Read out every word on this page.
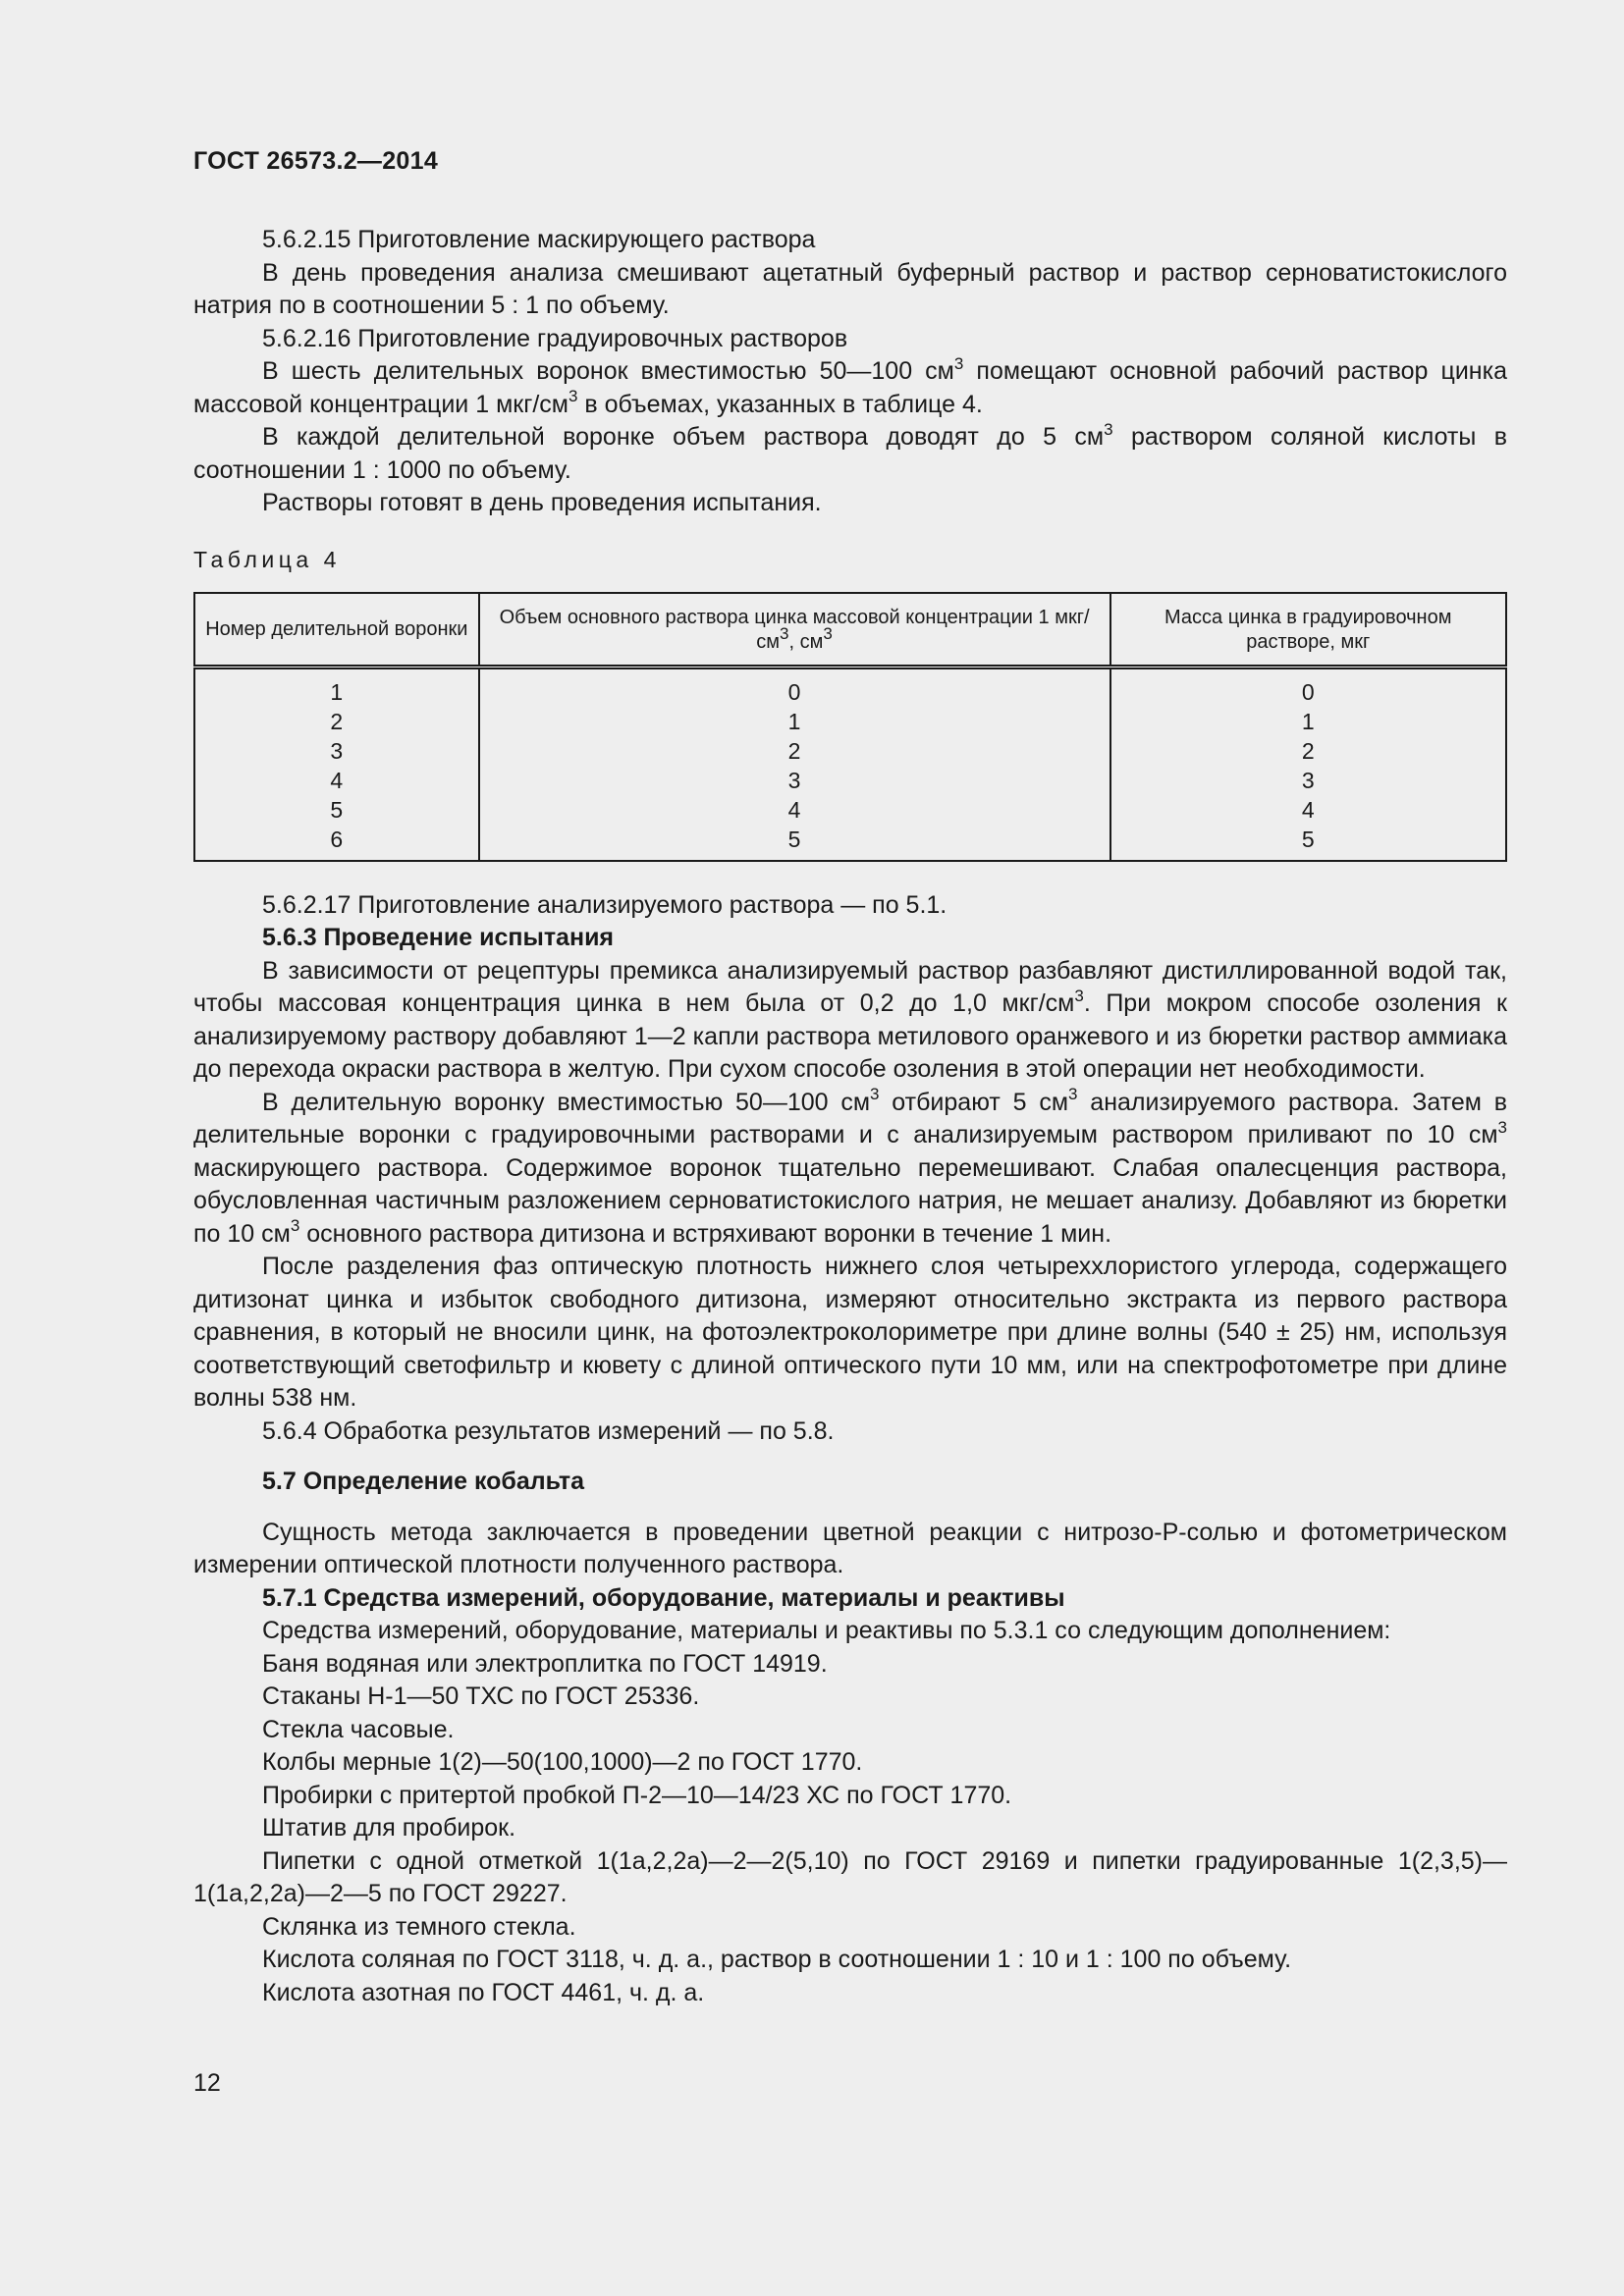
ГОСТ 26573.2—2014

5.6.2.15 Приготовление маскирующего раствора

В день проведения анализа смешивают ацетатный буферный раствор и раствор серноватистокислого натрия по в соотношении 5 : 1 по объему.

5.6.2.16 Приготовление градуировочных растворов

В шесть делительных воронок вместимостью 50—100 $см^3$ помещают основной рабочий раствор цинка массовой концентрации 1 мкг/$см^3$ в объемах, указанных в таблице 4.

В каждой делительной воронке объем раствора доводят до 5 $см^3$ раствором соляной кислоты в соотношении 1 : 1000 по объему.

Растворы готовят в день проведения испытания.

Таблица 4

Номер делительной воронки	Объем основного раствора цинка массовой концентрации 1 мкг/$см^3$, $см^3$	Масса цинка в градуировочном растворе, мкг
1	0	0
2	1	1
3	2	2
4	3	3
5	4	4
6	5	5

5.6.2.17 Приготовление анализируемого раствора — по 5.1.

5.6.3 Проведение испытания

В зависимости от рецептуры премикса анализируемый раствор разбавляют дистиллированной водой так, чтобы массовая концентрация цинка в нем была от 0,2 до 1,0 мкг/$см^3$. При мокром способе озоления к анализируемому раствору добавляют 1—2 капли раствора метилового оранжевого и из бюретки раствор аммиака до перехода окраски раствора в желтую. При сухом способе озоления в этой операции нет необходимости.

В делительную воронку вместимостью 50—100 $см^3$ отбирают 5 $см^3$ анализируемого раствора. Затем в делительные воронки с градуировочными растворами и с анализируемым раствором приливают по 10 $см^3$ маскирующего раствора. Содержимое воронок тщательно перемешивают. Слабая опалесценция раствора, обусловленная частичным разложением серноватистокислого натрия, не мешает анализу. Добавляют из бюретки по 10 $см^3$ основного раствора дитизона и встряхивают воронки в течение 1 мин.

После разделения фаз оптическую плотность нижнего слоя четыреххлористого углерода, содержащего дитизонат цинка и избыток свободного дитизона, измеряют относительно экстракта из первого раствора сравнения, в который не вносили цинк, на фотоэлектроколориметре при длине волны (540 ± 25) нм, используя соответствующий светофильтр и кювету с длиной оптического пути 10 мм, или на спектрофотометре при длине волны 538 нм.

5.6.4 Обработка результатов измерений — по 5.8.

5.7 Определение кобальта

Сущность метода заключается в проведении цветной реакции с нитрозо-Р-солью и фотометрическом измерении оптической плотности полученного раствора.

5.7.1 Средства измерений, оборудование, материалы и реактивы

Средства измерений, оборудование, материалы и реактивы по 5.3.1 со следующим дополнением:

Баня водяная или электроплитка по ГОСТ 14919.

Стаканы Н-1—50 ТХС по ГОСТ 25336.

Стекла часовые.

Колбы мерные 1(2)—50(100,1000)—2 по ГОСТ 1770.

Пробирки с притертой пробкой П-2—10—14/23 ХС по ГОСТ 1770.

Штатив для пробирок.

Пипетки с одной отметкой 1(1а,2,2а)—2—2(5,10) по ГОСТ 29169 и пипетки градуированные 1(2,3,5)—1(1а,2,2а)—2—5 по ГОСТ 29227.

Склянка из темного стекла.

Кислота соляная по ГОСТ 3118, ч. д. а., раствор в соотношении 1 : 10 и 1 : 100 по объему.

Кислота азотная по ГОСТ 4461, ч. д. а.

12
